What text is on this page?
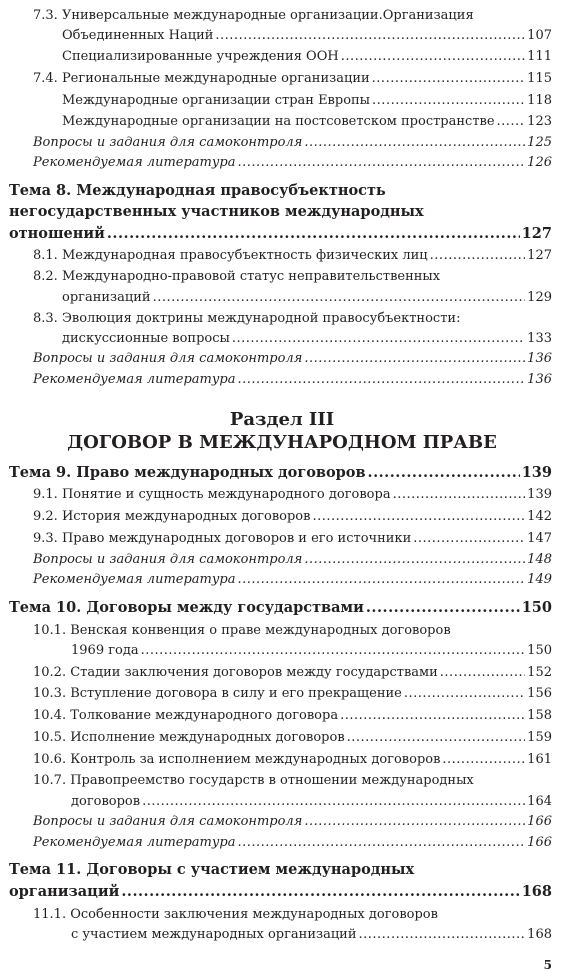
7.3. Универсальные международные организации.Организация
Объединенных Наций .....	107
Специализированные учреждения ООН .....	111
7.4. Региональные международные организации .....	115
Международные организации стран Европы .....	118
Международные организации на постсоветском пространстве .....	123
Вопросы и задания для самоконтроля .....	125
Рекомендуемая литература .....	126
Тема 8. Международная правосубъектность
негосударственных участников международных
отношений .....	127
8.1. Международная правосубъектность физических лиц .....	127
8.2. Международно-правовой статус неправительственных
организаций .....	129
8.3. Эволюция доктрины международной правосубъектности:
дискуссионные вопросы .....	133
Вопросы и задания для самоконтроля .....	136
Рекомендуемая литература .....	136
Раздел III
ДОГОВОР В МЕЖДУНАРОДНОМ ПРАВЕ
Тема 9. Право международных договоров .....	139
9.1. Понятие и сущность международного договора .....	139
9.2. История международных договоров .....	142
9.3. Право международных договоров и его источники .....	147
Вопросы и задания для самоконтроля .....	148
Рекомендуемая литература .....	149
Тема 10. Договоры между государствами .....	150
10.1. Венская конвенция о праве международных договоров
1969 года .....	150
10.2. Стадии заключения договоров между государствами .....	152
10.3. Вступление договора в силу и его прекращение .....	156
10.4. Толкование международного договора .....	158
10.5. Исполнение международных договоров .....	159
10.6. Контроль за исполнением международных договоров .....	161
10.7. Правопреемство государств в отношении международных
договоров .....	164
Вопросы и задания для самоконтроля .....	166
Рекомендуемая литература .....	166
Тема 11. Договоры с участием международных
организаций .....	168
11.1. Особенности заключения международных договоров
с участием международных организаций .....	168
5
